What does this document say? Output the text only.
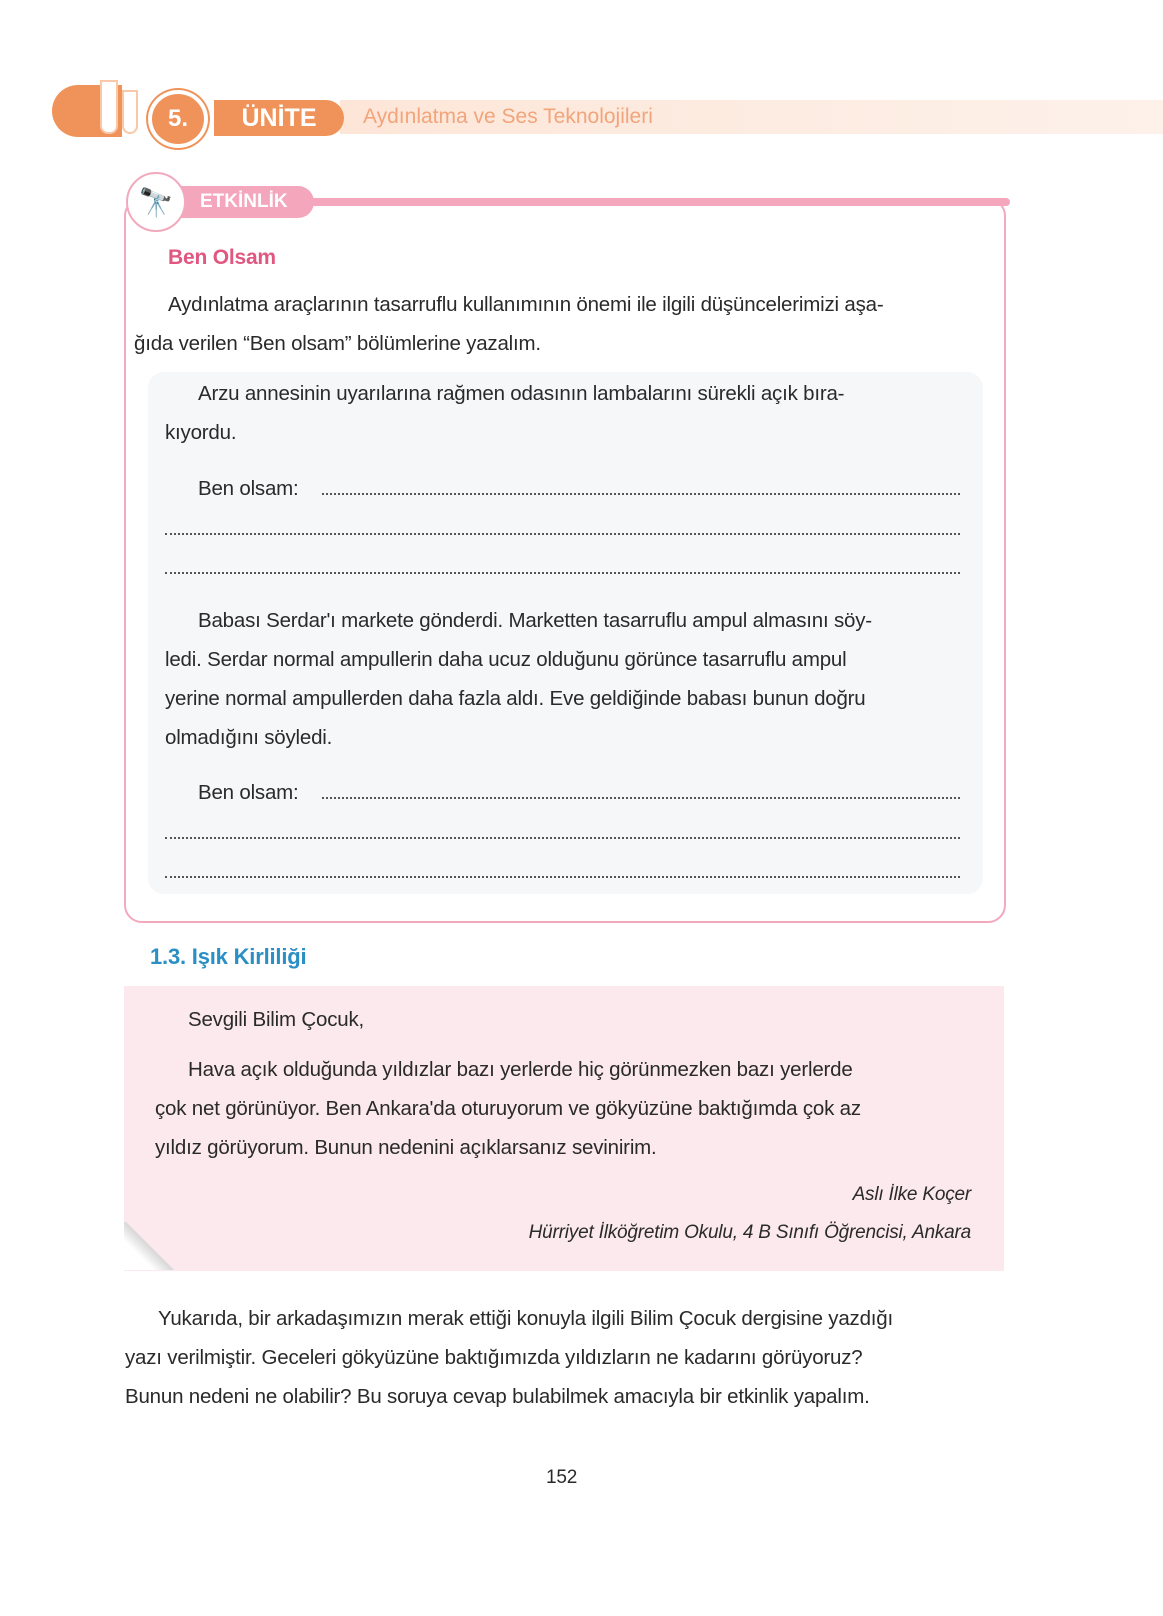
5.	ÜNİTE	Aydınlatma ve Ses Teknolojileri
ETKİNLİK
🔭
Ben Olsam
Aydınlatma araçlarının tasarruflu kullanımının önemi ile ilgili düşüncelerimizi aşa-
ğıda verilen “Ben olsam” bölümlerine yazalım.
Arzu annesinin uyarılarına rağmen odasının lambalarını sürekli açık bıra-
kıyordu.
Ben olsam:
Babası Serdar'ı markete gönderdi. Marketten tasarruflu ampul almasını söy-
ledi. Serdar normal ampullerin daha ucuz olduğunu görünce tasarruflu ampul
yerine normal ampullerden daha fazla aldı. Eve geldiğinde babası bunun doğru
olmadığını söyledi.
Ben olsam:
1.3. Işık Kirliliği
Sevgili Bilim Çocuk,
Hava açık olduğunda yıldızlar bazı yerlerde hiç görünmezken bazı yerlerde
çok net görünüyor. Ben Ankara'da oturuyorum ve gökyüzüne baktığımda çok az
yıldız görüyorum. Bunun nedenini açıklarsanız sevinirim.
Aslı İlke Koçer
Hürriyet İlköğretim Okulu, 4 B Sınıfı Öğrencisi, Ankara
Yukarıda, bir arkadaşımızın merak ettiği konuyla ilgili Bilim Çocuk dergisine yazdığı
yazı verilmiştir. Geceleri gökyüzüne baktığımızda yıldızların ne kadarını görüyoruz?
Bunun nedeni ne olabilir? Bu soruya cevap bulabilmek amacıyla bir etkinlik yapalım.
152
